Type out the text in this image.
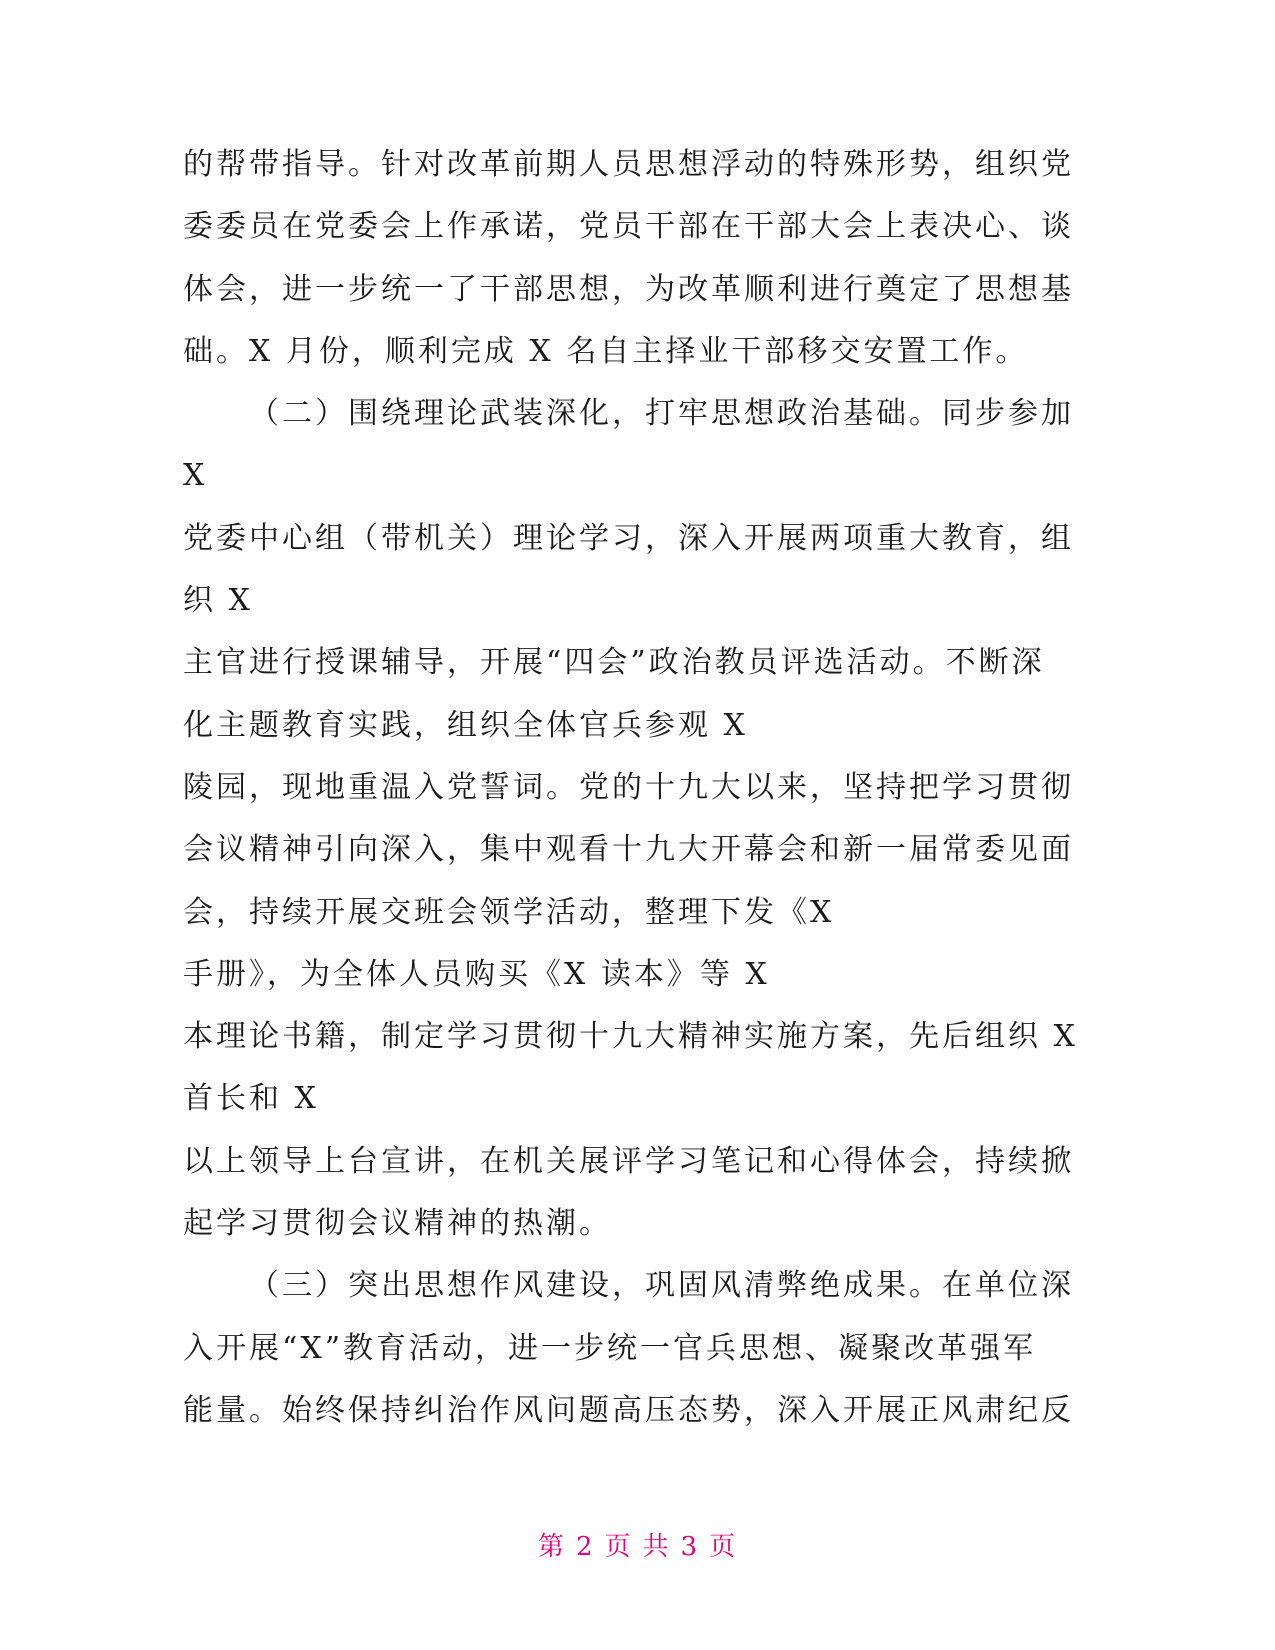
的帮带指导。针对改革前期人员思想浮动的特殊形势，组织党
委委员在党委会上作承诺，党员干部在干部大会上表决心、谈
体会，进一步统一了干部思想，为改革顺利进行奠定了思想基
础。X 月份，顺利完成 X 名自主择业干部移交安置工作。
（二）围绕理论武装深化，打牢思想政治基础。同步参加
X
党委中心组（带机关）理论学习，深入开展两项重大教育，组
织 X
主官进行授课辅导，开展“四会”政治教员评选活动。不断深
化主题教育实践，组织全体官兵参观 X
陵园，现地重温入党誓词。党的十九大以来，坚持把学习贯彻
会议精神引向深入，集中观看十九大开幕会和新一届常委见面
会，持续开展交班会领学活动，整理下发《X
手册》，为全体人员购买《X 读本》等 X
本理论书籍，制定学习贯彻十九大精神实施方案，先后组织 X
首长和 X
以上领导上台宣讲，在机关展评学习笔记和心得体会，持续掀
起学习贯彻会议精神的热潮。
（三）突出思想作风建设，巩固风清弊绝成果。在单位深
入开展“X”教育活动，进一步统一官兵思想、凝聚改革强军
能量。始终保持纠治作风问题高压态势，深入开展正风肃纪反
第 2 页 共 3 页
